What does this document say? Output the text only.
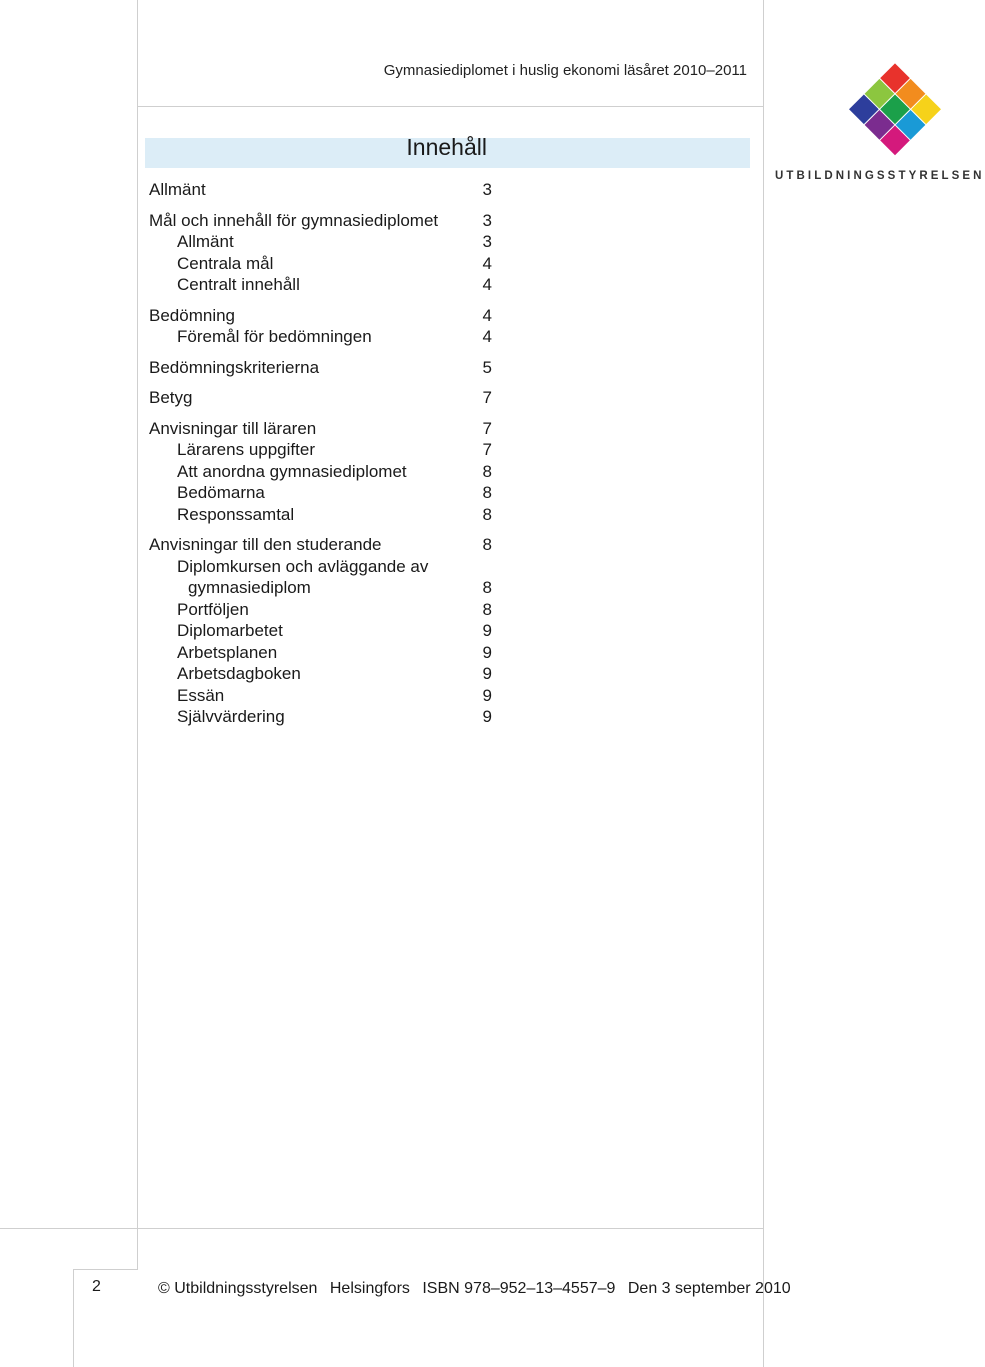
Gymnasiediplomet i huslig ekonomi läsåret 2010–2011
Innehåll
Allmänt	3
Mål och innehåll för gymnasiediplomet	3
Allmänt	3
Centrala mål	4
Centralt innehåll	4
Bedömning	4
Föremål för bedömningen	4
Bedömningskriterierna	5
Betyg	7
Anvisningar till läraren	7
Lärarens uppgifter	7
Att anordna gymnasiediplomet	8
Bedömarna	8
Responssamtal	8
Anvisningar till den studerande	8
Diplomkursen och avläggande av
gymnasiediplom	8
Portföljen	8
Diplomarbetet	9
Arbetsplanen	9
Arbetsdagboken	9
Essän	9
Självvärdering	9
UTBILDNINGSSTYRELSEN
2	© Utbildningsstyrelsen Helsingfors ISBN 978–952–13–4557–9 Den 3 september 2010
